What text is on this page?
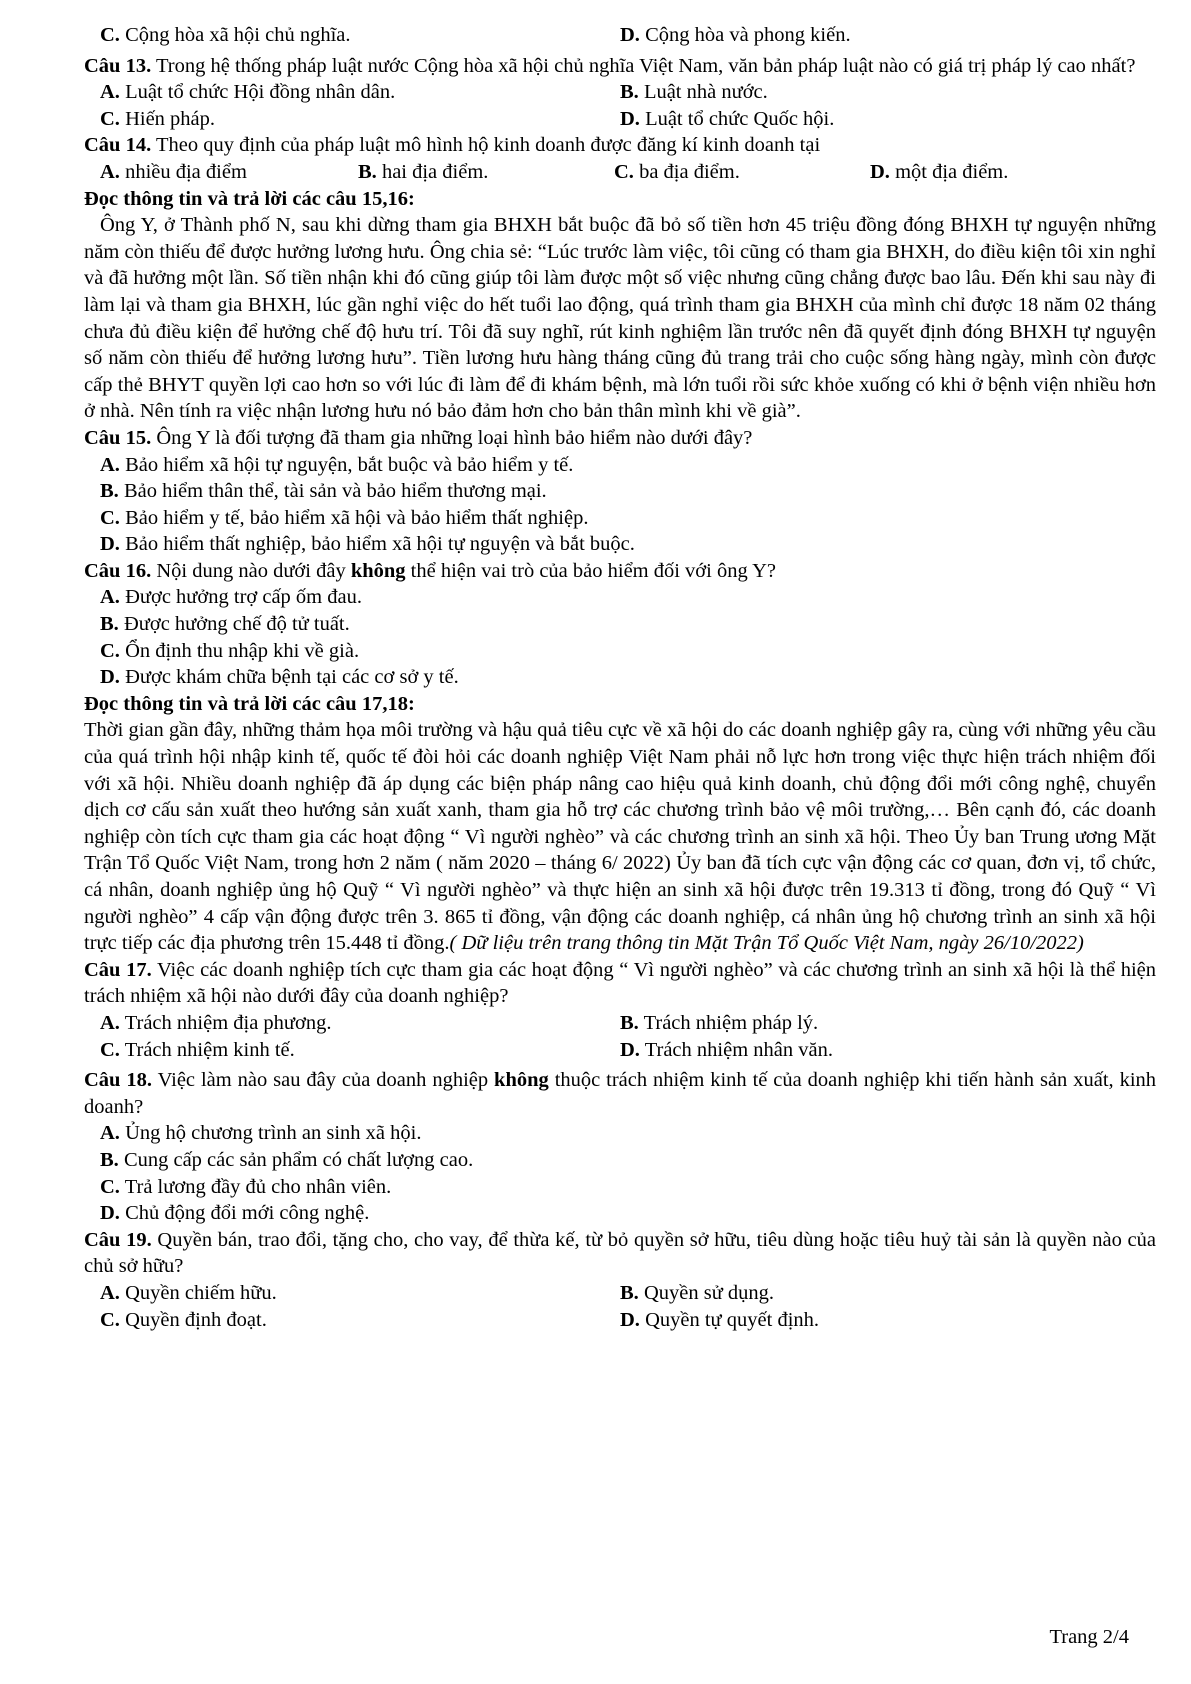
C. Cộng hòa xã hội chủ nghĩa.	D. Cộng hòa và phong kiến.

Câu 13. Trong hệ thống pháp luật nước Cộng hòa xã hội chủ nghĩa Việt Nam, văn bản pháp luật nào có giá trị pháp lý cao nhất?

A. Luật tổ chức Hội đồng nhân dân.	B. Luật nhà nước.
C. Hiến pháp.	D. Luật tổ chức Quốc hội.

Câu 14. Theo quy định của pháp luật mô hình hộ kinh doanh được đăng kí kinh doanh tại

A. nhiều địa điểm	B. hai địa điểm.	C. ba địa điểm.	D. một địa điểm.

Đọc thông tin và trả lời các câu 15,16:

Ông Y, ở Thành phố N, sau khi dừng tham gia BHXH bắt buộc đã bỏ số tiền hơn 45 triệu đồng đóng BHXH tự nguyện những năm còn thiếu để được hưởng lương hưu. Ông chia sẻ: “Lúc trước làm việc, tôi cũng có tham gia BHXH, do điều kiện tôi xin nghỉ và đã hưởng một lần. Số tiền nhận khi đó cũng giúp tôi làm được một số việc nhưng cũng chẳng được bao lâu. Đến khi sau này đi làm lại và tham gia BHXH, lúc gần nghỉ việc do hết tuổi lao động, quá trình tham gia BHXH của mình chỉ được 18 năm 02 tháng chưa đủ điều kiện để hưởng chế độ hưu trí. Tôi đã suy nghĩ, rút kinh nghiệm lần trước nên đã quyết định đóng BHXH tự nguyện số năm còn thiếu để hưởng lương hưu”. Tiền lương hưu hàng tháng cũng đủ trang trải cho cuộc sống hàng ngày, mình còn được cấp thẻ BHYT quyền lợi cao hơn so với lúc đi làm để đi khám bệnh, mà lớn tuổi rồi sức khỏe xuống có khi ở bệnh viện nhiều hơn ở nhà. Nên tính ra việc nhận lương hưu nó bảo đảm hơn cho bản thân mình khi về già”.

Câu 15. Ông Y là đối tượng đã tham gia những loại hình bảo hiểm nào dưới đây?

A. Bảo hiểm xã hội tự nguyện, bắt buộc và bảo hiểm y tế.

B. Bảo hiểm thân thể, tài sản và bảo hiểm thương mại.

C. Bảo hiểm y tế, bảo hiểm xã hội và bảo hiểm thất nghiệp.

D. Bảo hiểm thất nghiệp, bảo hiểm xã hội tự nguyện và bắt buộc.

Câu 16. Nội dung nào dưới đây không thể hiện vai trò của bảo hiểm đối với ông Y?

A. Được hưởng trợ cấp ốm đau.

B. Được hưởng chế độ tử tuất.

C. Ổn định thu nhập khi về già.

D. Được khám chữa bệnh tại các cơ sở y tế.

Đọc thông tin và trả lời các câu 17,18:

Thời gian gần đây, những thảm họa môi trường và hậu quả tiêu cực về xã hội do các doanh nghiệp gây ra, cùng với những yêu cầu của quá trình hội nhập kinh tế, quốc tế đòi hỏi các doanh nghiệp Việt Nam phải nỗ lực hơn trong việc thực hiện trách nhiệm đối với xã hội. Nhiều doanh nghiệp đã áp dụng các biện pháp nâng cao hiệu quả kinh doanh, chủ động đổi mới công nghệ, chuyển dịch cơ cấu sản xuất theo hướng sản xuất xanh, tham gia hỗ trợ các chương trình bảo vệ môi trường,… Bên cạnh đó, các doanh nghiệp còn tích cực tham gia các hoạt động “ Vì người nghèo” và các chương trình an sinh xã hội. Theo Ủy ban Trung ương Mặt Trận Tổ Quốc Việt Nam, trong hơn 2 năm ( năm 2020 – tháng 6/ 2022) Ủy ban đã tích cực vận động các cơ quan, đơn vị, tổ chức, cá nhân, doanh nghiệp ủng hộ Quỹ “ Vì người nghèo” và thực hiện an sinh xã hội được trên 19.313 tỉ đồng, trong đó Quỹ “ Vì người nghèo” 4 cấp vận động được trên 3. 865 tỉ đồng, vận động các doanh nghiệp, cá nhân ủng hộ chương trình an sinh xã hội trực tiếp các địa phương trên 15.448 tỉ đồng.( Dữ liệu trên trang thông tin Mặt Trận Tổ Quốc Việt Nam, ngày 26/10/2022)

Câu 17. Việc các doanh nghiệp tích cực tham gia các hoạt động “ Vì người nghèo” và các chương trình an sinh xã hội là thể hiện trách nhiệm xã hội nào dưới đây của doanh nghiệp?

A. Trách nhiệm địa phương.	B. Trách nhiệm pháp lý.
C. Trách nhiệm kinh tế.	D. Trách nhiệm nhân văn.

Câu 18. Việc làm nào sau đây của doanh nghiệp không thuộc trách nhiệm kinh tế của doanh nghiệp khi tiến hành sản xuất, kinh doanh?

A. Ủng hộ chương trình an sinh xã hội.

B. Cung cấp các sản phẩm có chất lượng cao.

C. Trả lương đầy đủ cho nhân viên.

D. Chủ động đổi mới công nghệ.

Câu 19. Quyền bán, trao đổi, tặng cho, cho vay, để thừa kế, từ bỏ quyền sở hữu, tiêu dùng hoặc tiêu huỷ tài sản là quyền nào của chủ sở hữu?

A. Quyền chiếm hữu.	B. Quyền sử dụng.
C. Quyền định đoạt.	D. Quyền tự quyết định.
Trang 2/4
